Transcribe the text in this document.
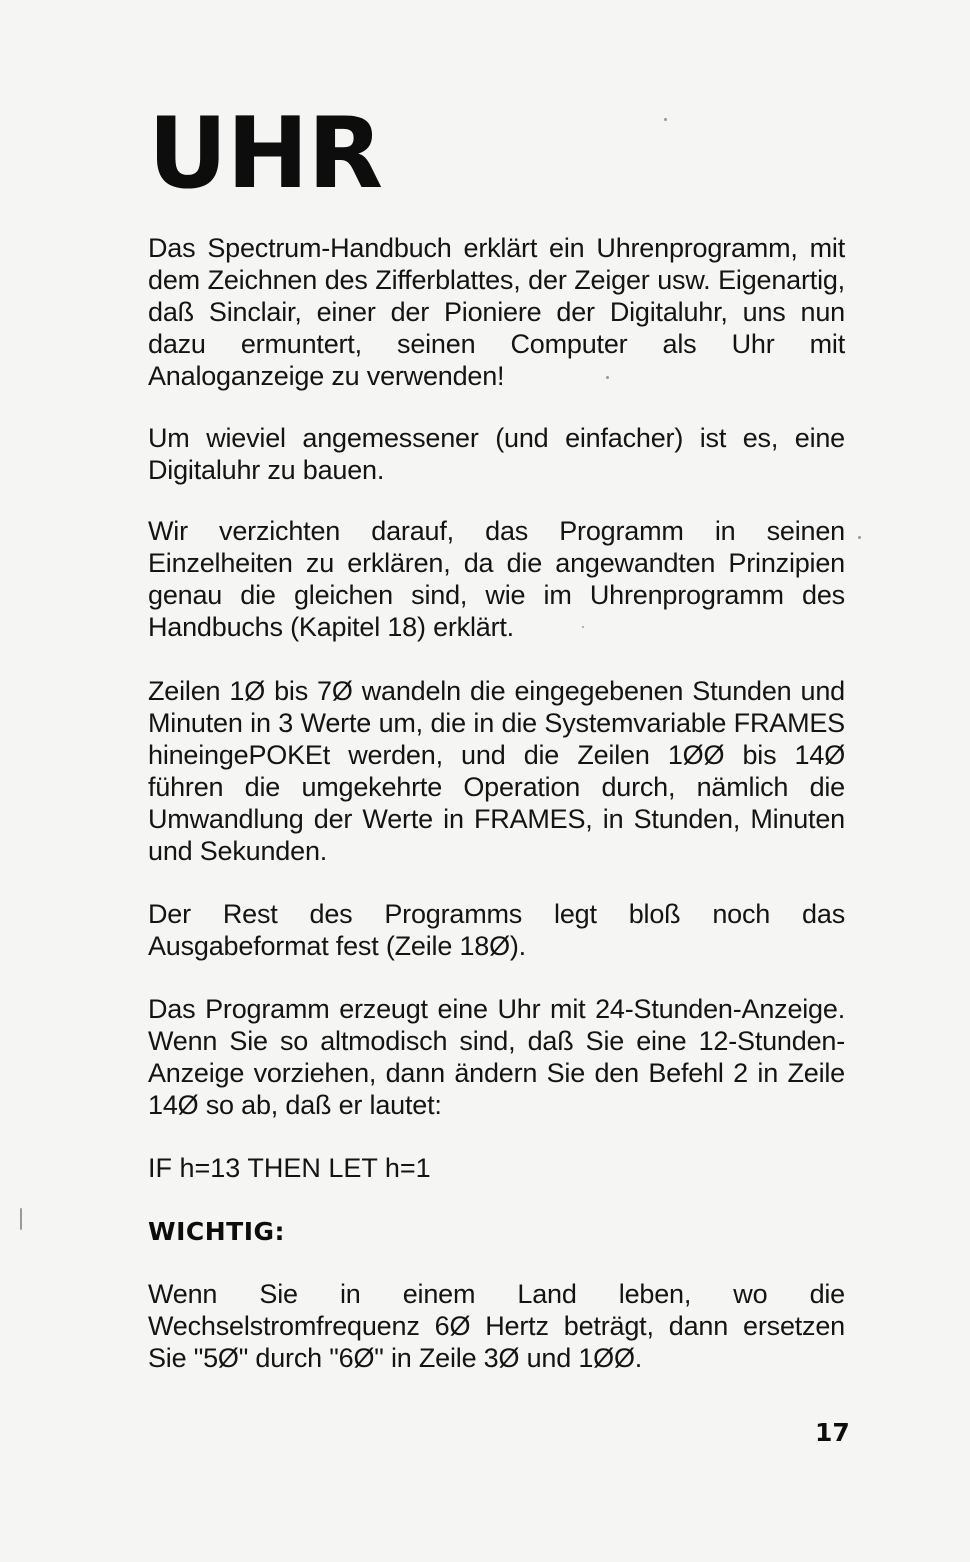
UHR

Das Spectrum-Handbuch erklärt ein Uhrenprogramm, mit dem Zeichnen des Zifferblattes, der Zeiger usw. Eigenartig, daß Sinclair, einer der Pioniere der Digitaluhr, uns nun dazu ermuntert, seinen Computer als Uhr mit Analoganzeige zu verwenden!

Um wieviel angemessener (und einfacher) ist es, eine Digitaluhr zu bauen.

Wir verzichten darauf, das Programm in seinen Einzelheiten zu erklären, da die angewandten Prinzipien genau die gleichen sind, wie im Uhrenprogramm des Handbuchs (Kapitel 18) erklärt.

Zeilen 1Ø bis 7Ø wandeln die eingegebenen Stunden und Minuten in 3 Werte um, die in die Systemvariable FRAMES hineingePOKEt werden, und die Zeilen 1ØØ bis 14Ø führen die umgekehrte Operation durch, nämlich die Umwandlung der Werte in FRAMES, in Stunden, Minuten und Sekunden.

Der Rest des Programms legt bloß noch das Ausgabeformat fest (Zeile 18Ø).

Das Programm erzeugt eine Uhr mit 24-Stunden-Anzeige. Wenn Sie so altmodisch sind, daß Sie eine 12-Stunden-Anzeige vorziehen, dann ändern Sie den Befehl 2 in Zeile 14Ø so ab, daß er lautet:

IF h=13 THEN LET h=1

WICHTIG:

Wenn Sie in einem Land leben, wo die Wechselstromfrequenz 6Ø Hertz beträgt, dann ersetzen Sie "5Ø" durch "6Ø" in Zeile 3Ø und 1ØØ.

17
